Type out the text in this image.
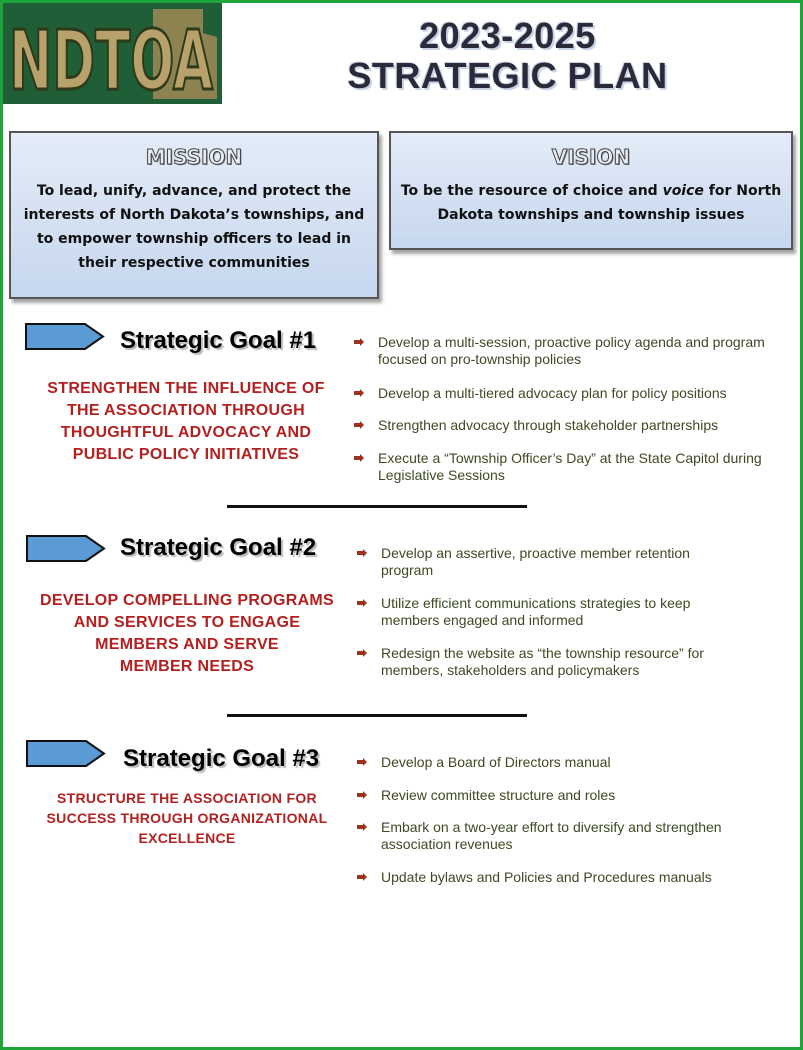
NDTOA	2023-2025
STRATEGIC PLAN
MISSION
To lead, unify, advance, and protect the interests of North Dakota’s townships, and to empower township officers to lead in their respective communities
VISION
To be the resource of choice and voice for North Dakota townships and township issues
Strategic Goal #1
STRENGTHEN THE INFLUENCE OF
THE ASSOCIATION THROUGH
THOUGHTFUL ADVOCACY AND
PUBLIC POLICY INITIATIVES
Develop a multi-session, proactive policy agenda and program focused on pro-township policies
Develop a multi-tiered advocacy plan for policy positions
Strengthen advocacy through stakeholder partnerships
Execute a “Township Officer’s Day” at the State Capitol during Legislative Sessions
Strategic Goal #2
DEVELOP COMPELLING PROGRAMS
AND SERVICES TO ENGAGE
MEMBERS AND SERVE
MEMBER NEEDS
Develop an assertive, proactive member retention program
Utilize efficient communications strategies to keep members engaged and informed
Redesign the website as “the township resource” for members, stakeholders and policymakers
Strategic Goal #3
STRUCTURE THE ASSOCIATION FOR
SUCCESS THROUGH ORGANIZATIONAL
EXCELLENCE
Develop a Board of Directors manual
Review committee structure and roles
Embark on a two-year effort to diversify and strengthen association revenues
Update bylaws and Policies and Procedures manuals
